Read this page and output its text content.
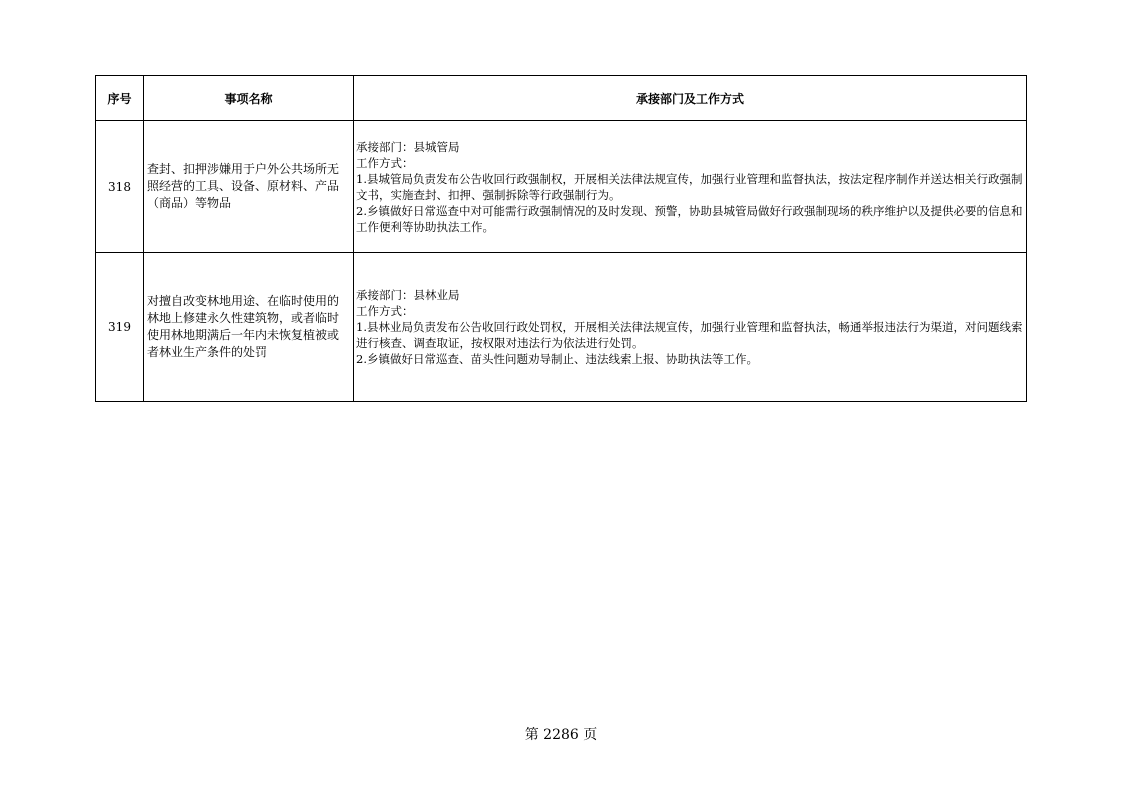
序号	事项名称	承接部门及工作方式
318	查封、扣押涉嫌用于户外公共场所无照经营的工具、设备、原材料、产品（商品）等物品	承接部门：县城管局
工作方式：
1.县城管局负责发布公告收回行政强制权，开展相关法律法规宣传，加强行业管理和监督执法，按法定程序制作并送达相关行政强制文书，实施查封、扣押、强制拆除等行政强制行为。
2.乡镇做好日常巡查中对可能需行政强制情况的及时发现、预警，协助县城管局做好行政强制现场的秩序维护以及提供必要的信息和工作便利等协助执法工作。

319	对擅自改变林地用途、在临时使用的林地上修建永久性建筑物，或者临时使用林地期满后一年内未恢复植被或者林业生产条件的处罚	承接部门：县林业局
工作方式：
1.县林业局负责发布公告收回行政处罚权，开展相关法律法规宣传，加强行业管理和监督执法，畅通举报违法行为渠道，对问题线索进行核查、调查取证，按权限对违法行为依法进行处罚。
2.乡镇做好日常巡查、苗头性问题劝导制止、违法线索上报、协助执法等工作。
第 2286 页
